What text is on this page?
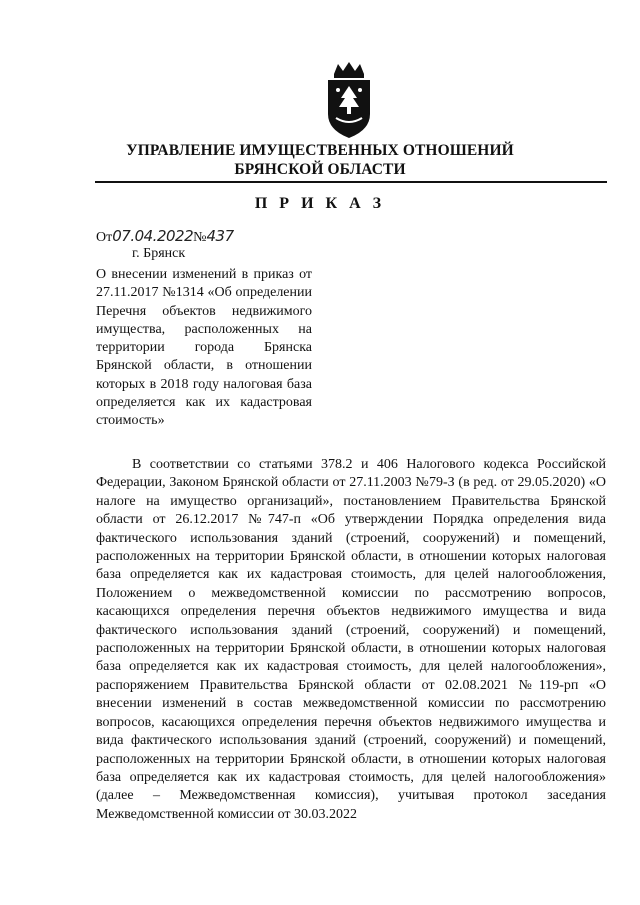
УПРАВЛЕНИЕ ИМУЩЕСТВЕННЫХ ОТНОШЕНИЙ
БРЯНСКОЙ ОБЛАСТИ
П Р И К А З
От07.04.2022№437
г. Брянск
О внесении изменений в приказ от 27.11.2017 №1314 «Об определении Перечня объектов недвижимого имущества, расположенных на территории города Брянска Брянской области, в отношении которых в 2018 году налоговая база определяется как их кадастровая стоимость»
В соответствии со статьями 378.2 и 406 Налогового кодекса Российской Федерации, Законом Брянской области от 27.11.2003 №79-З (в ред. от 29.05.2020) «О налоге на имущество организаций», постановлением Правительства Брянской области от 26.12.2017 №747-п «Об утверждении Порядка определения вида фактического использования зданий (строений, сооружений) и помещений, расположенных на территории Брянской области, в отношении которых налоговая база определяется как их кадастровая стоимость, для целей налогообложения, Положением о межведомственной комиссии по рассмотрению вопросов, касающихся определения перечня объектов недвижимого имущества и вида фактического использования зданий (строений, сооружений) и помещений, расположенных на территории Брянской области, в отношении которых налоговая база определяется как их кадастровая стоимость, для целей налогообложения», распоряжением Правительства Брянской области от 02.08.2021 №119-рп «О внесении изменений в состав межведомственной комиссии по рассмотрению вопросов, касающихся определения перечня объектов недвижимого имущества и вида фактического использования зданий (строений, сооружений) и помещений, расположенных на территории Брянской области, в отношении которых налоговая база определяется как их кадастровая стоимость, для целей налогообложения» (далее – Межведомственная комиссия), учитывая протокол заседания Межведомственной комиссии от 30.03.2022
